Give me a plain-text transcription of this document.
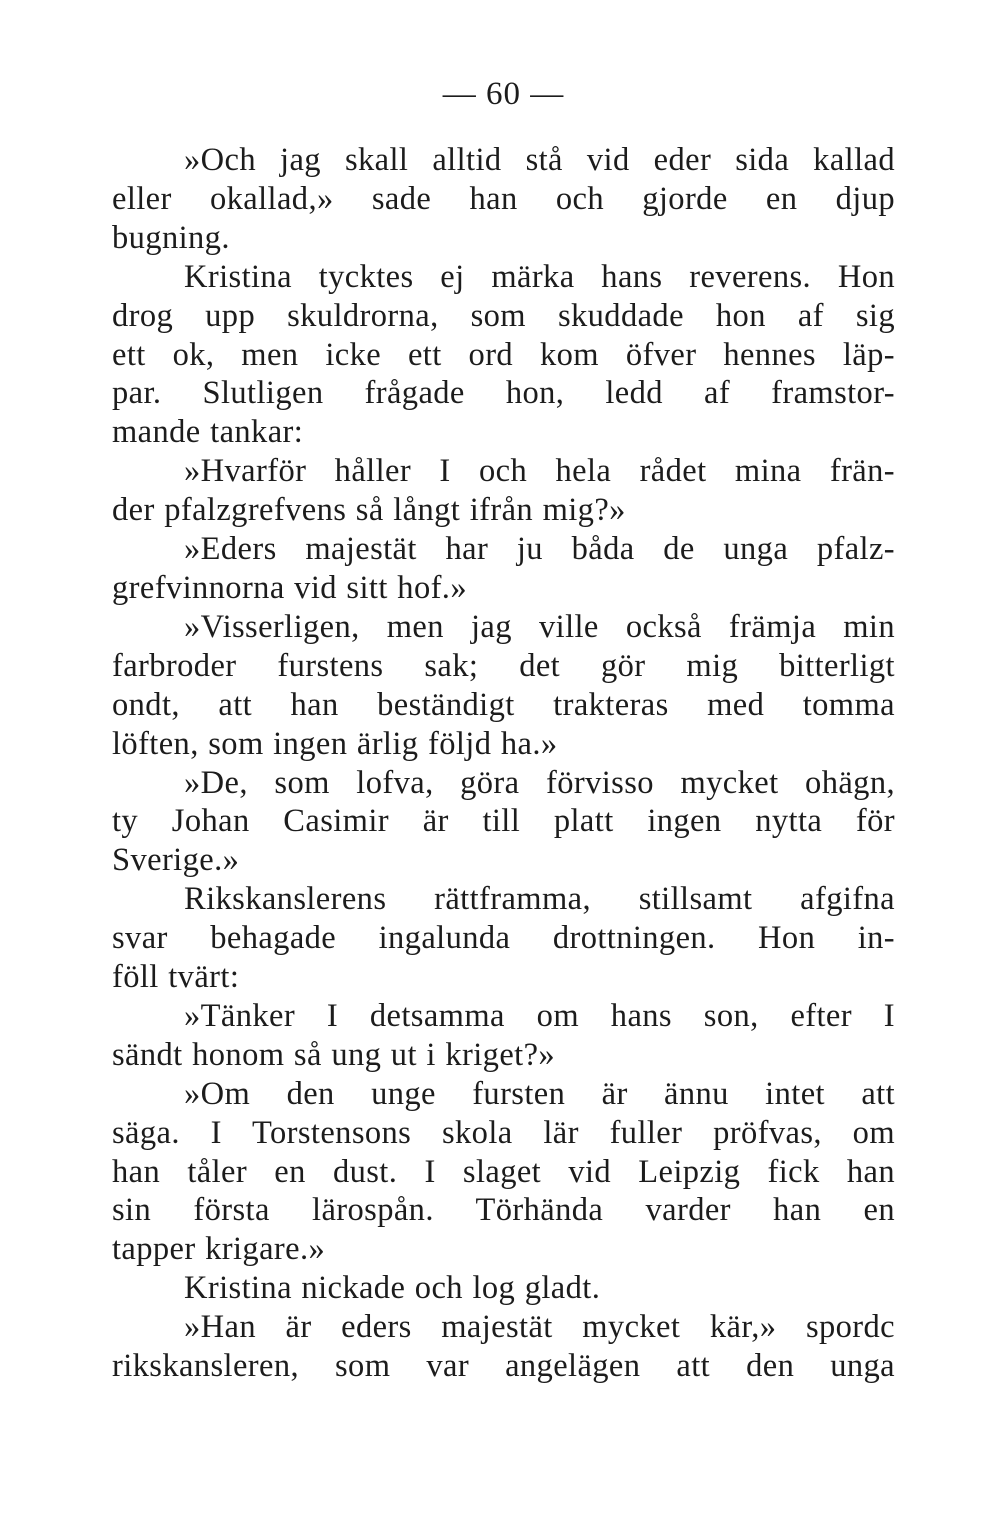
— 60 —

»Och jag skall alltid stå vid eder sida kallad
eller okallad,» sade han och gjorde en djup
bugning.
Kristina tycktes ej märka hans reverens. Hon
drog upp skuldrorna, som skuddade hon af sig
ett ok, men icke ett ord kom öfver hennes läp-
par. Slutligen frågade hon, ledd af framstor-
mande tankar:
»Hvarför håller I och hela rådet mina frän-
der pfalzgrefvens så långt ifrån mig?»
»Eders majestät har ju båda de unga pfalz-
grefvinnorna vid sitt hof.»
»Visserligen, men jag ville också främja min
farbroder furstens sak; det gör mig bitterligt
ondt, att han beständigt trakteras med tomma
löften, som ingen ärlig följd ha.»
»De, som lofva, göra förvisso mycket ohägn,
ty Johan Casimir är till platt ingen nytta för
Sverige.»
Rikskanslerens rättframma, stillsamt afgifna
svar behagade ingalunda drottningen. Hon in-
föll tvärt:
»Tänker I detsamma om hans son, efter I
sändt honom så ung ut i kriget?»
»Om den unge fursten är ännu intet att
säga. I Torstensons skola lär fuller pröfvas, om
han tåler en dust. I slaget vid Leipzig fick han
sin första lärospån. Törhända varder han en
tapper krigare.»
Kristina nickade och log gladt.
»Han är eders majestät mycket kär,» spordc
rikskansleren, som var angelägen att den unga
